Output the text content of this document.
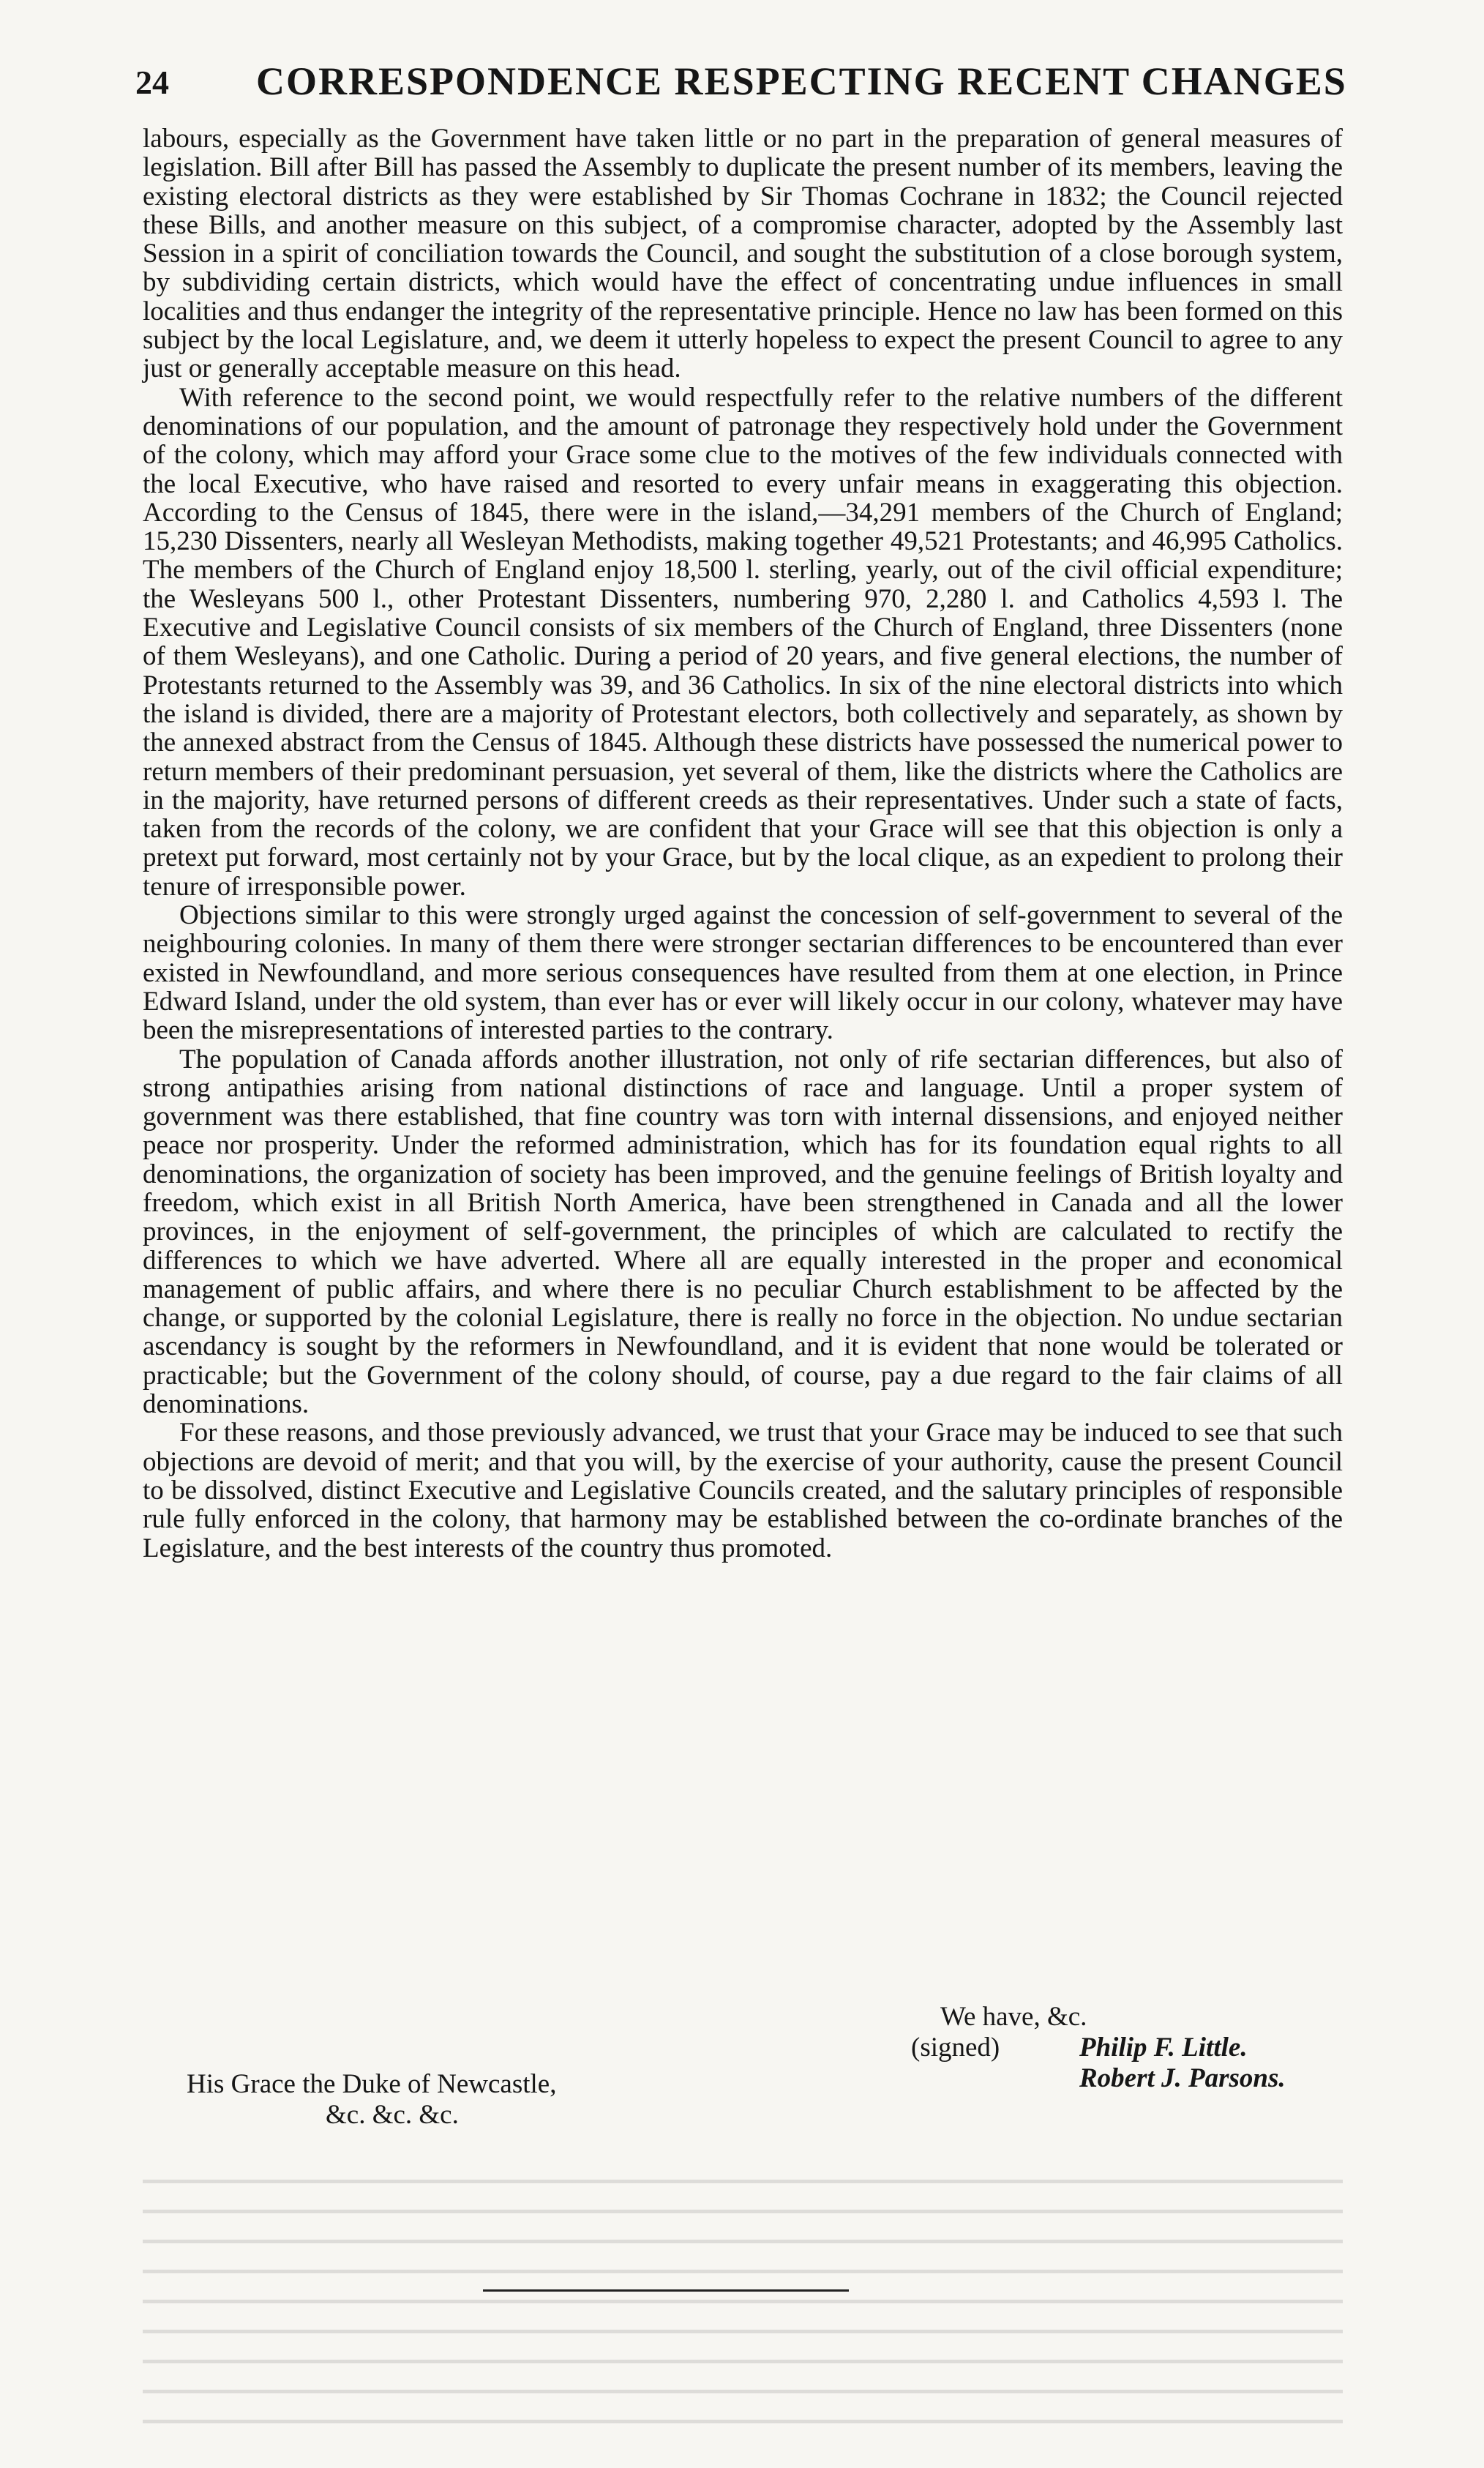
24 CORRESPONDENCE RESPECTING RECENT CHANGES

labours, especially as the Government have taken little or no part in the preparation of general measures of legislation. Bill after Bill has passed the Assembly to duplicate the present number of its members, leaving the existing electoral districts as they were established by Sir Thomas Cochrane in 1832; the Council rejected these Bills, and another measure on this subject, of a compromise character, adopted by the Assembly last Session in a spirit of conciliation towards the Council, and sought the substitution of a close borough system, by subdividing certain districts, which would have the effect of concentrating undue influences in small localities and thus endanger the integrity of the representative principle. Hence no law has been formed on this subject by the local Legislature, and, we deem it utterly hopeless to expect the present Council to agree to any just or generally acceptable measure on this head.

With reference to the second point, we would respectfully refer to the relative numbers of the different denominations of our population, and the amount of patronage they respectively hold under the Government of the colony, which may afford your Grace some clue to the motives of the few individuals connected with the local Executive, who have raised and resorted to every unfair means in exaggerating this objection. According to the Census of 1845, there were in the island,—34,291 members of the Church of England; 15,230 Dissenters, nearly all Wesleyan Methodists, making together 49,521 Protestants; and 46,995 Catholics. The members of the Church of England enjoy 18,500 l. sterling, yearly, out of the civil official expenditure; the Wesleyans 500 l., other Protestant Dissenters, numbering 970, 2,280 l. and Catholics 4,593 l. The Executive and Legislative Council consists of six members of the Church of England, three Dissenters (none of them Wesleyans), and one Catholic. During a period of 20 years, and five general elections, the number of Protestants returned to the Assembly was 39, and 36 Catholics. In six of the nine electoral districts into which the island is divided, there are a majority of Protestant electors, both collectively and separately, as shown by the annexed abstract from the Census of 1845. Although these districts have possessed the numerical power to return members of their predominant persuasion, yet several of them, like the districts where the Catholics are in the majority, have returned persons of different creeds as their representatives. Under such a state of facts, taken from the records of the colony, we are confident that your Grace will see that this objection is only a pretext put forward, most certainly not by your Grace, but by the local clique, as an expedient to prolong their tenure of irresponsible power.

Objections similar to this were strongly urged against the concession of self-government to several of the neighbouring colonies. In many of them there were stronger sectarian differences to be encountered than ever existed in Newfoundland, and more serious consequences have resulted from them at one election, in Prince Edward Island, under the old system, than ever has or ever will likely occur in our colony, whatever may have been the misrepresentations of interested parties to the contrary.

The population of Canada affords another illustration, not only of rife sectarian differences, but also of strong antipathies arising from national distinctions of race and language. Until a proper system of government was there established, that fine country was torn with internal dissensions, and enjoyed neither peace nor prosperity. Under the reformed administration, which has for its foundation equal rights to all denominations, the organization of society has been improved, and the genuine feelings of British loyalty and freedom, which exist in all British North America, have been strengthened in Canada and all the lower provinces, in the enjoyment of self-government, the principles of which are calculated to rectify the differences to which we have adverted. Where all are equally interested in the proper and economical management of public affairs, and where there is no peculiar Church establishment to be affected by the change, or supported by the colonial Legislature, there is really no force in the objection. No undue sectarian ascendancy is sought by the reformers in Newfoundland, and it is evident that none would be tolerated or practicable; but the Government of the colony should, of course, pay a due regard to the fair claims of all denominations.

For these reasons, and those previously advanced, we trust that your Grace may be induced to see that such objections are devoid of merit; and that you will, by the exercise of your authority, cause the present Council to be dissolved, distinct Executive and Legislative Councils created, and the salutary principles of responsible rule fully enforced in the colony, that harmony may be established between the co-ordinate branches of the Legislature, and the best interests of the country thus promoted.

We have, &c.
(signed)	Philip F. Little.
Robert J. Parsons.
His Grace the Duke of Newcastle,
&c. &c. &c.
